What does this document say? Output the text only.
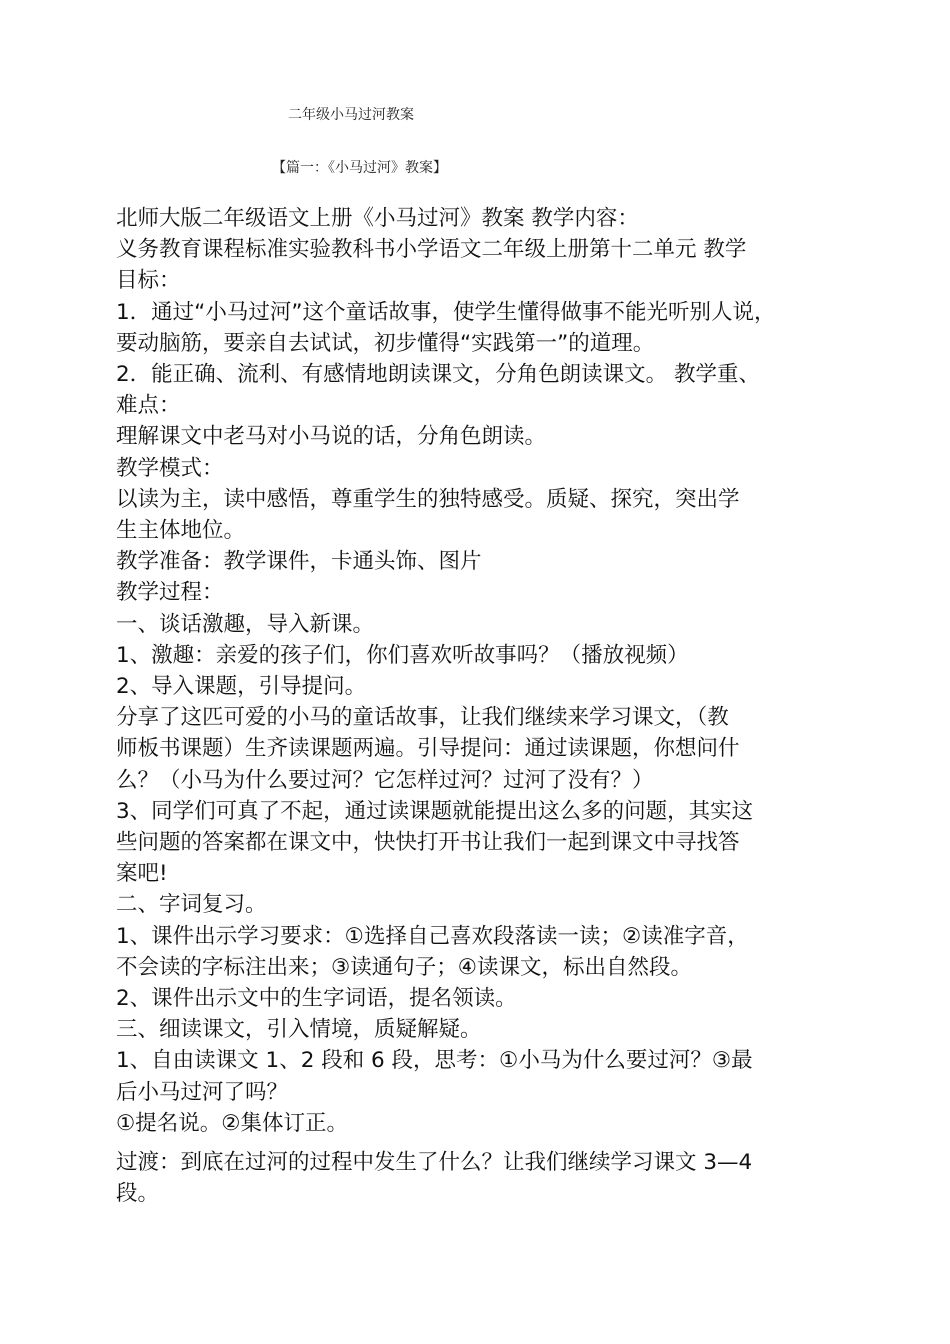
二年级小马过河教案
【篇一：《小马过河》教案】

北师大版二年级语文上册《小马过河》教案 教学内容：

义务教育课程标准实验教科书小学语文二年级上册第十二单元 教学

目标：

1．通过“小马过河”这个童话故事，使学生懂得做事不能光听别人说，

要动脑筋，要亲自去试试，初步懂得“实践第一”的道理。

2．能正确、流利、有感情地朗读课文，分角色朗读课文。 教学重、

难点：

理解课文中老马对小马说的话，分角色朗读。

教学模式：

以读为主，读中感悟，尊重学生的独特感受。质疑、探究，突出学

生主体地位。

教学准备：教学课件，卡通头饰、图片

教学过程：

一、谈话激趣，导入新课。

1、激趣：亲爱的孩子们，你们喜欢听故事吗？（播放视频）

2、导入课题，引导提问。

分享了这匹可爱的小马的童话故事，让我们继续来学习课文，（教

师板书课题）生齐读课题两遍。引导提问：通过读课题，你想问什

么？（小马为什么要过河？它怎样过河？过河了没有？）

3、同学们可真了不起，通过读课题就能提出这么多的问题，其实这

些问题的答案都在课文中，快快打开书让我们一起到课文中寻找答

案吧!

二、字词复习。

1、课件出示学习要求：①选择自己喜欢段落读一读；②读准字音，

不会读的字标注出来；③读通句子；④读课文，标出自然段。

2、课件出示文中的生字词语，提名领读。

三、细读课文，引入情境，质疑解疑。

1、自由读课文 1、2 段和 6 段，思考：①小马为什么要过河？③最

后小马过河了吗？

①提名说。②集体订正。

过渡：到底在过河的过程中发生了什么？让我们继续学习课文 3—4

段。
